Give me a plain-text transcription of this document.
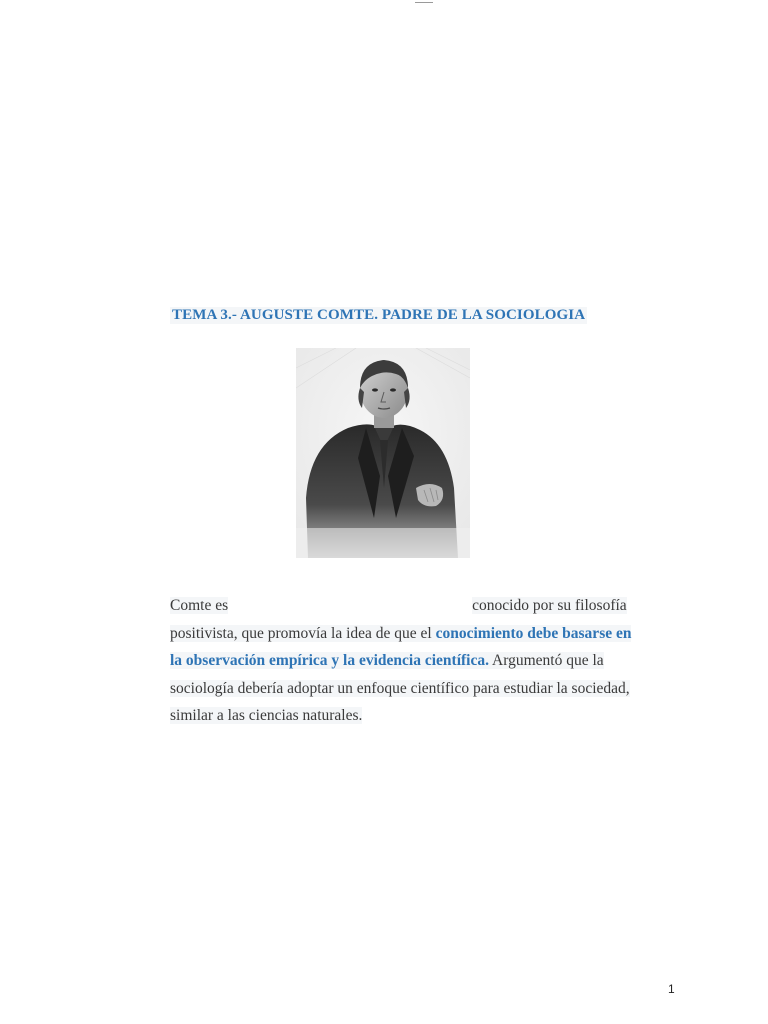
TEMA 3.- AUGUSTE COMTE. PADRE DE LA SOCIOLOGIA
Comte es	conocido por su filosofía
positivista, que promovía la idea de que el conocimiento debe basarse en
la observación empírica y la evidencia científica. Argumentó que la
sociología debería adoptar un enfoque científico para estudiar la sociedad,
similar a las ciencias naturales.
1
